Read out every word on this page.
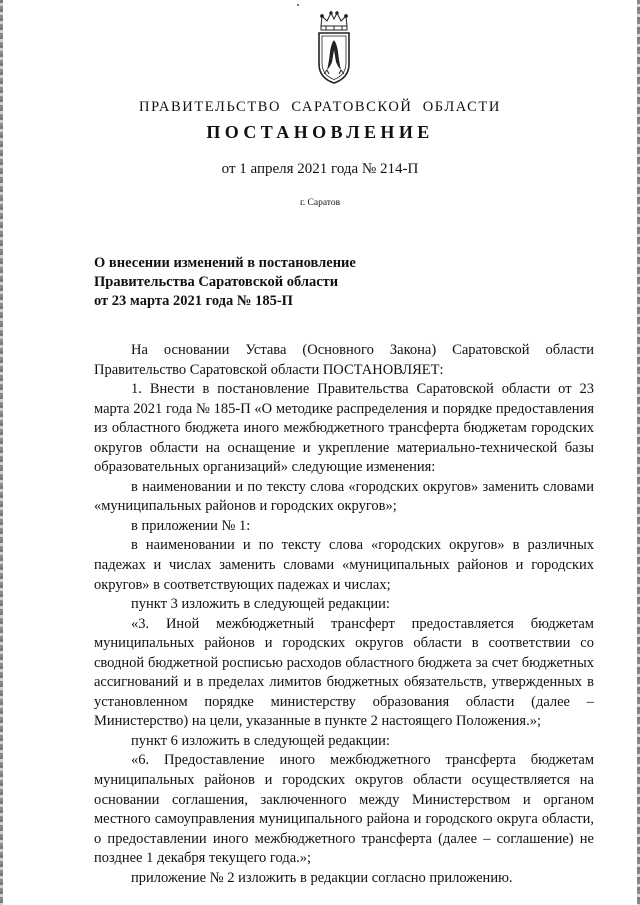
ПРАВИТЕЛЬСТВО САРАТОВСКОЙ ОБЛАСТИ
ПОСТАНОВЛЕНИЕ
от 1 апреля 2021 года № 214-П
г. Саратов
О внесении изменений в постановление
Правительства Саратовской области
от 23 марта 2021 года № 185-П
На основании Устава (Основного Закона) Саратовской области Правительство Саратовской области ПОСТАНОВЛЯЕТ:
1. Внести в постановление Правительства Саратовской области от 23 марта 2021 года № 185-П «О методике распределения и порядке предоставления из областного бюджета иного межбюджетного трансферта бюджетам городских округов области на оснащение и укрепление материально-технической базы образовательных организаций» следующие изменения:
в наименовании и по тексту слова «городских округов» заменить словами «муниципальных районов и городских округов»;
в приложении № 1:
в наименовании и по тексту слова «городских округов» в различных падежах и числах заменить словами «муниципальных районов и городских округов» в соответствующих падежах и числах;
пункт 3 изложить в следующей редакции:
«3. Иной межбюджетный трансферт предоставляется бюджетам муниципальных районов и городских округов области в соответствии со сводной бюджетной росписью расходов областного бюджета за счет бюджетных ассигнований и в пределах лимитов бюджетных обязательств, утвержденных в установленном порядке министерству образования области (далее – Министерство) на цели, указанные в пункте 2 настоящего Положения.»;
пункт 6 изложить в следующей редакции:
«6. Предоставление иного межбюджетного трансферта бюджетам муниципальных районов и городских округов области осуществляется на основании соглашения, заключенного между Министерством и органом местного самоуправления муниципального района и городского округа области, о предоставлении иного межбюджетного трансферта (далее – соглашение) не позднее 1 декабря текущего года.»;
приложение № 2 изложить в редакции согласно приложению.
